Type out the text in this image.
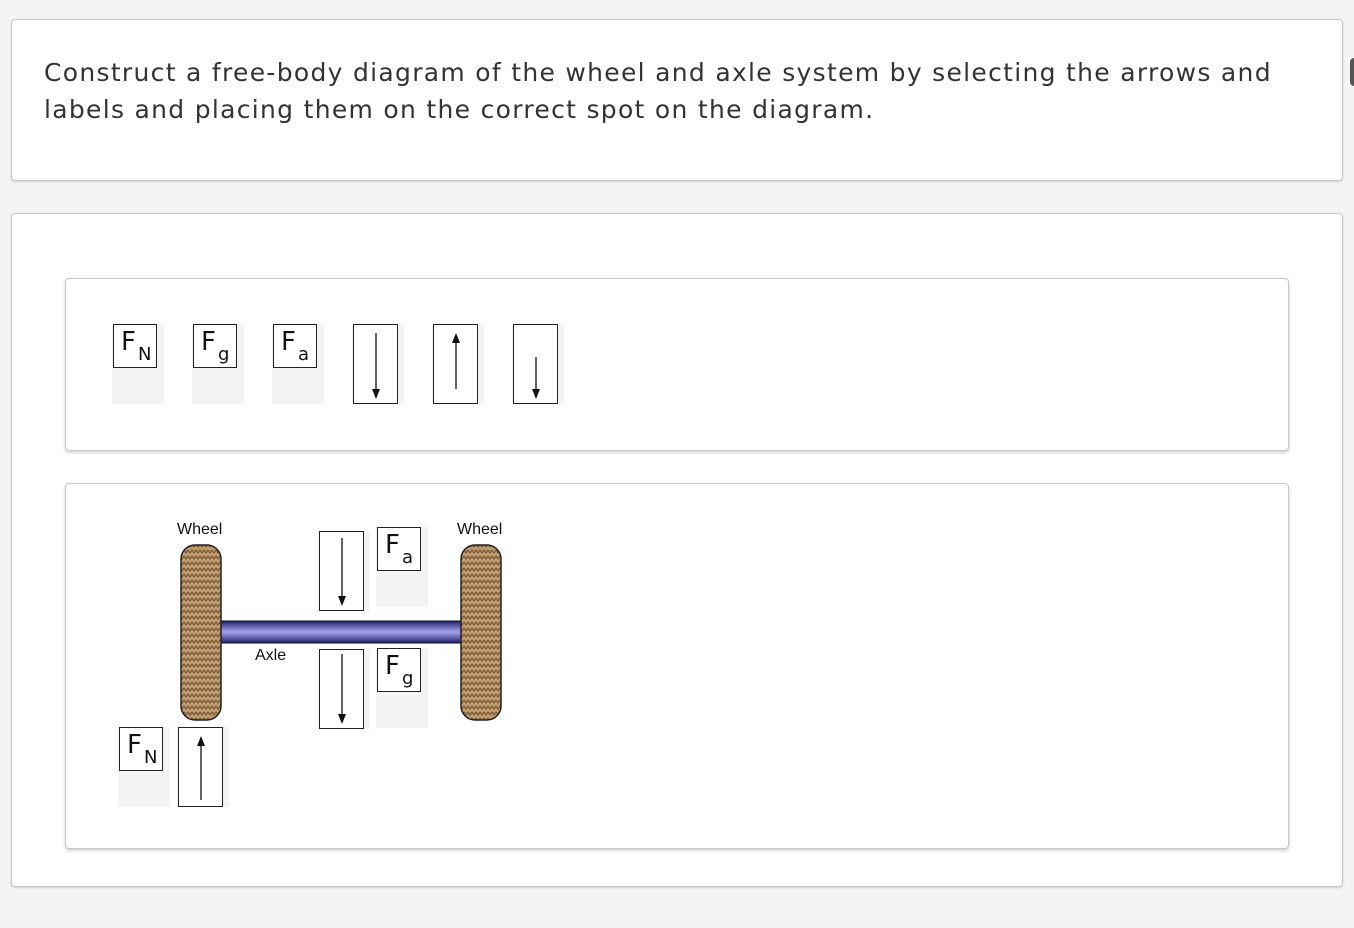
Construct a free-body diagram of the wheel and axle system by selecting the arrows and labels and placing them on the correct spot on the diagram.

F N F g F a
Wheel	Wheel
Axle
F a
F g
F N
